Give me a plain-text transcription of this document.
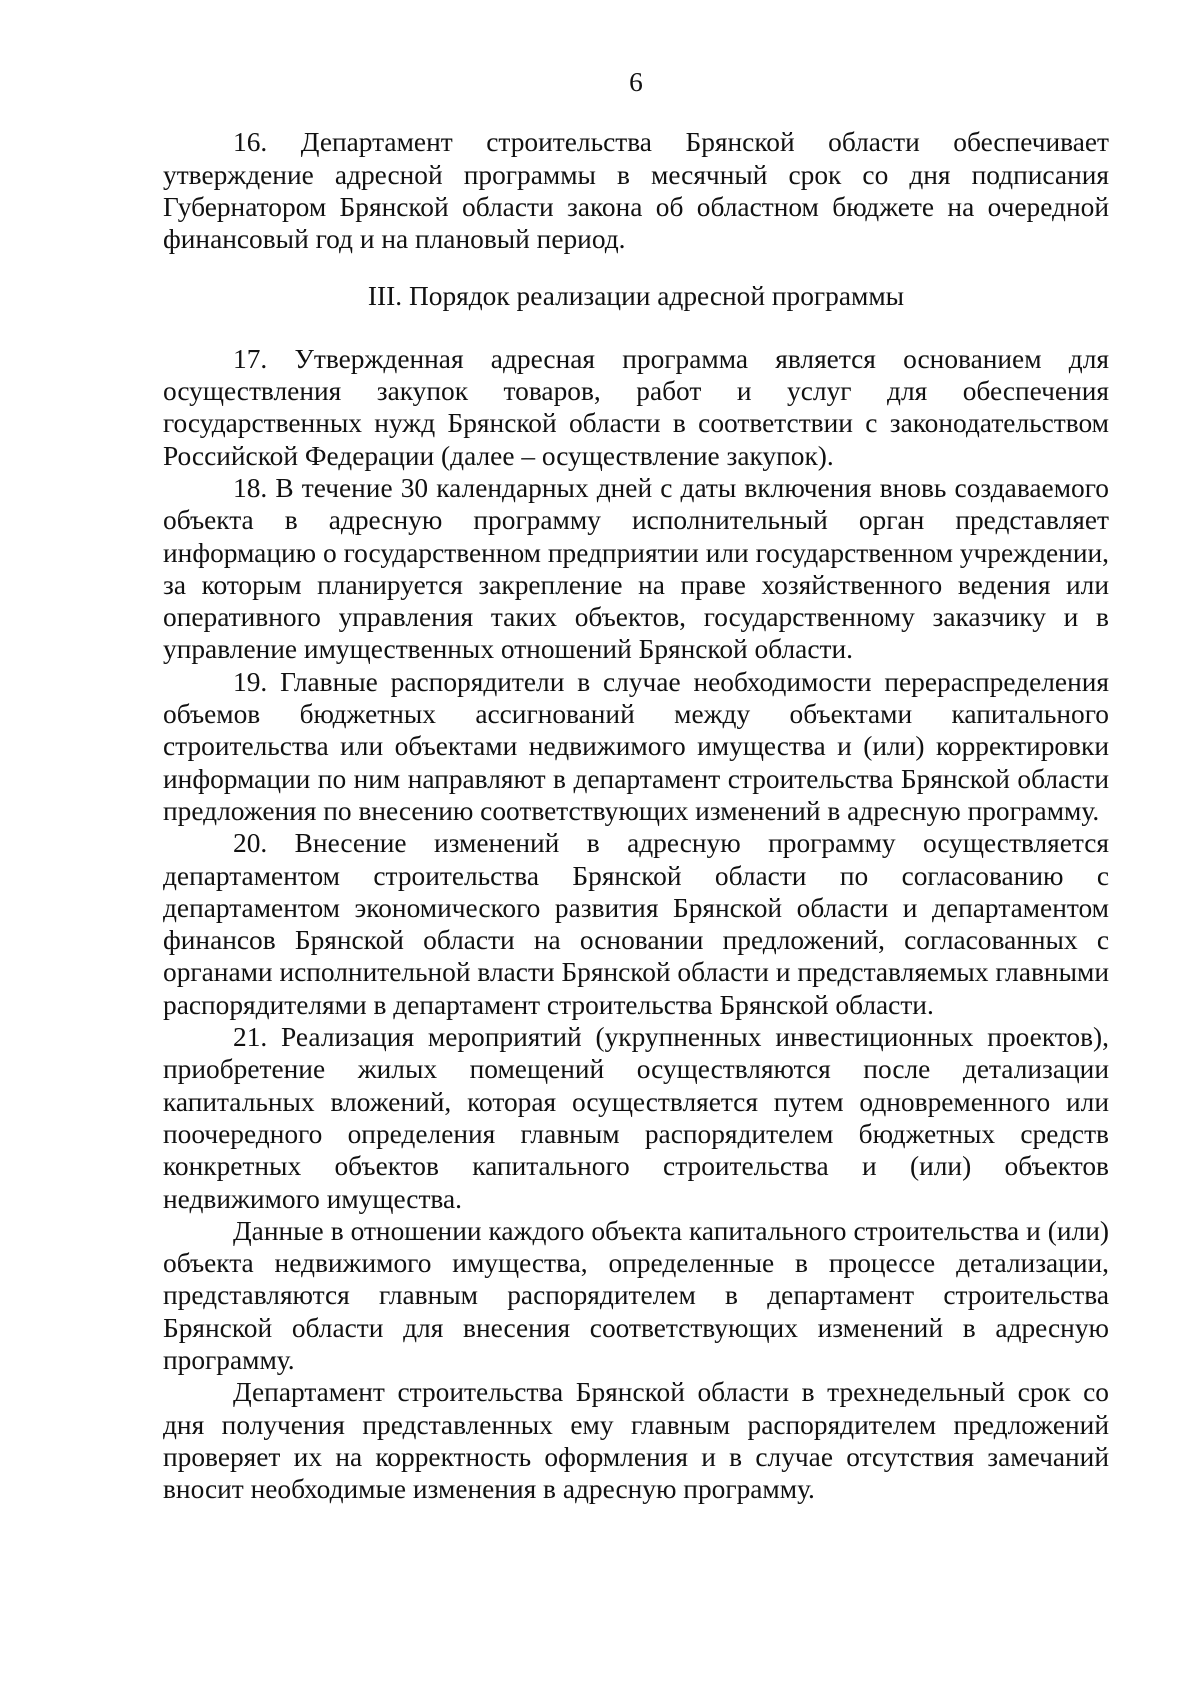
6

16. Департамент строительства Брянской области обеспечивает утверждение адресной программы в месячный срок со дня подписания Губернатором Брянской области закона об областном бюджете на очередной финансовый год и на плановый период.

III. Порядок реализации адресной программы

17. Утвержденная адресная программа является основанием для осуществления закупок товаров, работ и услуг для обеспечения государственных нужд Брянской области в соответствии с законодательством Российской Федерации (далее – осуществление закупок).

18. В течение 30 календарных дней с даты включения вновь создаваемого объекта в адресную программу исполнительный орган представляет информацию о государственном предприятии или государственном учреждении, за которым планируется закрепление на праве хозяйственного ведения или оперативного управления таких объектов, государственному заказчику и в управление имущественных отношений Брянской области.

19. Главные распорядители в случае необходимости перераспределения объемов бюджетных ассигнований между объектами капитального строительства или объектами недвижимого имущества и (или) корректировки информации по ним направляют в департамент строительства Брянской области предложения по внесению соответствующих изменений в адресную программу.

20. Внесение изменений в адресную программу осуществляется департаментом строительства Брянской области по согласованию с департаментом экономического развития Брянской области и департаментом финансов Брянской области на основании предложений, согласованных с органами исполнительной власти Брянской области и представляемых главными распорядителями в департамент строительства Брянской области.

21. Реализация мероприятий (укрупненных инвестиционных проектов), приобретение жилых помещений осуществляются после детализации капитальных вложений, которая осуществляется путем одновременного или поочередного определения главным распорядителем бюджетных средств конкретных объектов капитального строительства и (или) объектов недвижимого имущества.

Данные в отношении каждого объекта капитального строительства и (или) объекта недвижимого имущества, определенные в процессе детализации, представляются главным распорядителем в департамент строительства Брянской области для внесения соответствующих изменений в адресную программу.

Департамент строительства Брянской области в трехнедельный срок со дня получения представленных ему главным распорядителем предложений проверяет их на корректность оформления и в случае отсутствия замечаний вносит необходимые изменения в адресную программу.
